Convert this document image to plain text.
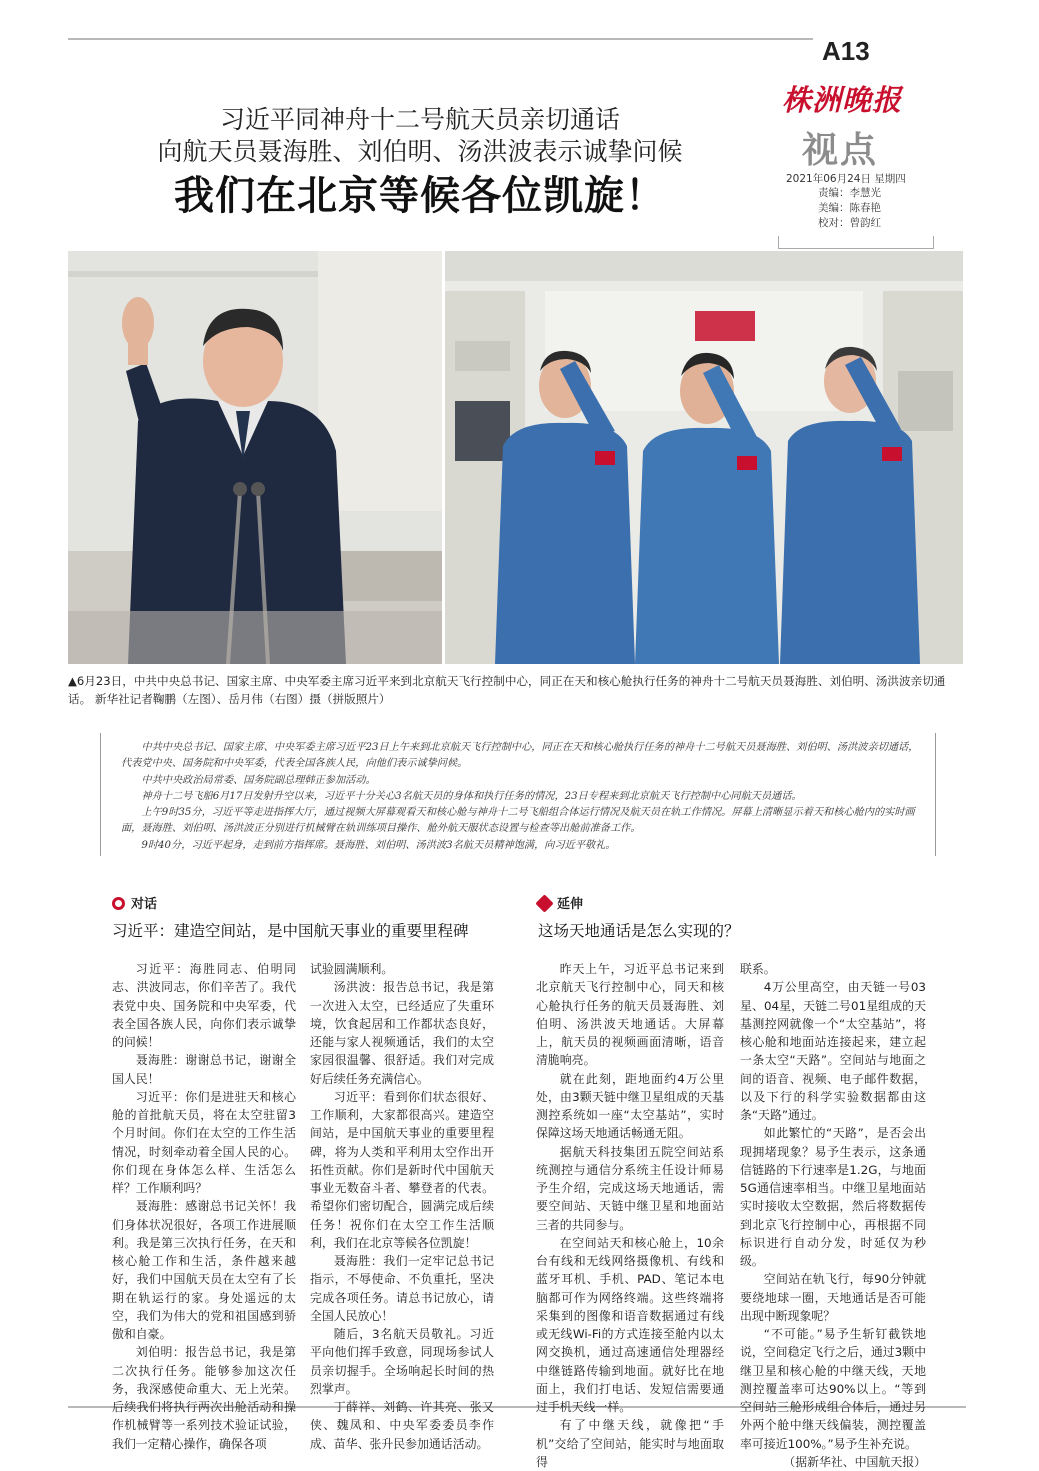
A13
株洲晚报
视点
2021年06月24日 星期四
责编：李慧光
美编：陈春艳
校对：曾韵红
习近平同神舟十二号航天员亲切通话
向航天员聂海胜、刘伯明、汤洪波表示诚挚问候
我们在北京等候各位凯旋！
▲6月23日，中共中央总书记、国家主席、中央军委主席习近平来到北京航天飞行控制中心，同正在天和核心舱执行任务的神舟十二号航天员聂海胜、刘伯明、汤洪波亲切通话。 新华社记者鞠鹏（左图）、岳月伟（右图）摄（拼版照片）

中共中央总书记、国家主席、中央军委主席习近平23日上午来到北京航天飞行控制中心，同正在天和核心舱执行任务的神舟十二号航天员聂海胜、刘伯明、汤洪波亲切通话，代表党中央、国务院和中央军委，代表全国各族人民，向他们表示诚挚问候。

中共中央政治局常委、国务院副总理韩正参加活动。

神舟十二号飞船6月17日发射升空以来，习近平十分关心3名航天员的身体和执行任务的情况，23日专程来到北京航天飞行控制中心同航天员通话。

上午9时35分，习近平等走进指挥大厅，通过视频大屏幕观看天和核心舱与神舟十二号飞船组合体运行情况及航天员在轨工作情况。屏幕上清晰显示着天和核心舱内的实时画面，聂海胜、刘伯明、汤洪波正分别进行机械臂在轨训练项目操作、舱外航天服状态设置与检查等出舱前准备工作。

9时40分，习近平起身，走到前方指挥席。聂海胜、刘伯明、汤洪波3名航天员精神饱满，向习近平敬礼。

对话
习近平：建造空间站，是中国航天事业的重要里程碑
延伸
这场天地通话是怎么实现的？

习近平：海胜同志、伯明同志、洪波同志，你们辛苦了。我代表党中央、国务院和中央军委，代表全国各族人民，向你们表示诚挚的问候！

聂海胜：谢谢总书记，谢谢全国人民！

习近平：你们是进驻天和核心舱的首批航天员，将在太空驻留3个月时间。你们在太空的工作生活情况，时刻牵动着全国人民的心。你们现在身体怎么样、生活怎么样？工作顺利吗？

聂海胜：感谢总书记关怀！我们身体状况很好，各项工作进展顺利。我是第三次执行任务，在天和核心舱工作和生活，条件越来越好，我们中国航天员在太空有了长期在轨运行的家。身处遥远的太空，我们为伟大的党和祖国感到骄傲和自豪。

刘伯明：报告总书记，我是第二次执行任务。能够参加这次任务，我深感使命重大、无上光荣。后续我们将执行两次出舱活动和操作机械臂等一系列技术验证试验，我们一定精心操作，确保各项

试验圆满顺利。

汤洪波：报告总书记，我是第一次进入太空，已经适应了失重环境，饮食起居和工作都状态良好，还能与家人视频通话，我们的太空家园很温馨、很舒适。我们对完成好后续任务充满信心。

习近平：看到你们状态很好、工作顺利，大家都很高兴。建造空间站，是中国航天事业的重要里程碑，将为人类和平利用太空作出开拓性贡献。你们是新时代中国航天事业无数奋斗者、攀登者的代表。希望你们密切配合，圆满完成后续任务！祝你们在太空工作生活顺利，我们在北京等候各位凯旋！

聂海胜：我们一定牢记总书记指示，不辱使命、不负重托，坚决完成各项任务。请总书记放心，请全国人民放心！

随后，3名航天员敬礼。习近平向他们挥手致意，同现场参试人员亲切握手。全场响起长时间的热烈掌声。

丁薛祥、刘鹤、许其亮、张又侠、魏凤和、中央军委委员李作成、苗华、张升民参加通话活动。

昨天上午，习近平总书记来到北京航天飞行控制中心，同天和核心舱执行任务的航天员聂海胜、刘伯明、汤洪波天地通话。大屏幕上，航天员的视频画面清晰，语音清脆响亮。

就在此刻，距地面约4万公里处，由3颗天链中继卫星组成的天基测控系统如一座“太空基站”，实时保障这场天地通话畅通无阻。

据航天科技集团五院空间站系统测控与通信分系统主任设计师易予生介绍，完成这场天地通话，需要空间站、天链中继卫星和地面站三者的共同参与。

在空间站天和核心舱上，10余台有线和无线网络摄像机、有线和蓝牙耳机、手机、PAD、笔记本电脑都可作为网络终端。这些终端将采集到的图像和语音数据通过有线或无线Wi-Fi的方式连接至舱内以太网交换机，通过高速通信处理器经中继链路传输到地面。就好比在地面上，我们打电话、发短信需要通过手机天线一样。

有了中继天线，就像把“手机”交给了空间站，能实时与地面取得

联系。

4万公里高空，由天链一号03星、04星，天链二号01星组成的天基测控网就像一个“太空基站”，将核心舱和地面站连接起来，建立起一条太空“天路”。空间站与地面之间的语音、视频、电子邮件数据，以及下行的科学实验数据都由这条“天路”通过。

如此繁忙的“天路”，是否会出现拥堵现象？易予生表示，这条通信链路的下行速率是1.2G，与地面5G通信速率相当。中继卫星地面站实时接收太空数据，然后将数据传到北京飞行控制中心，再根据不同标识进行自动分发，时延仅为秒级。

空间站在轨飞行，每90分钟就要绕地球一圈，天地通话是否可能出现中断现象呢？

“不可能。”易予生斩钉截铁地说，空间稳定飞行之后，通过3颗中继卫星和核心舱的中继天线，天地测控覆盖率可达90%以上。“等到空间站三舱形成组合体后，通过另外两个舱中继天线偏装，测控覆盖率可接近100%。”易予生补充说。

（据新华社、中国航天报）
